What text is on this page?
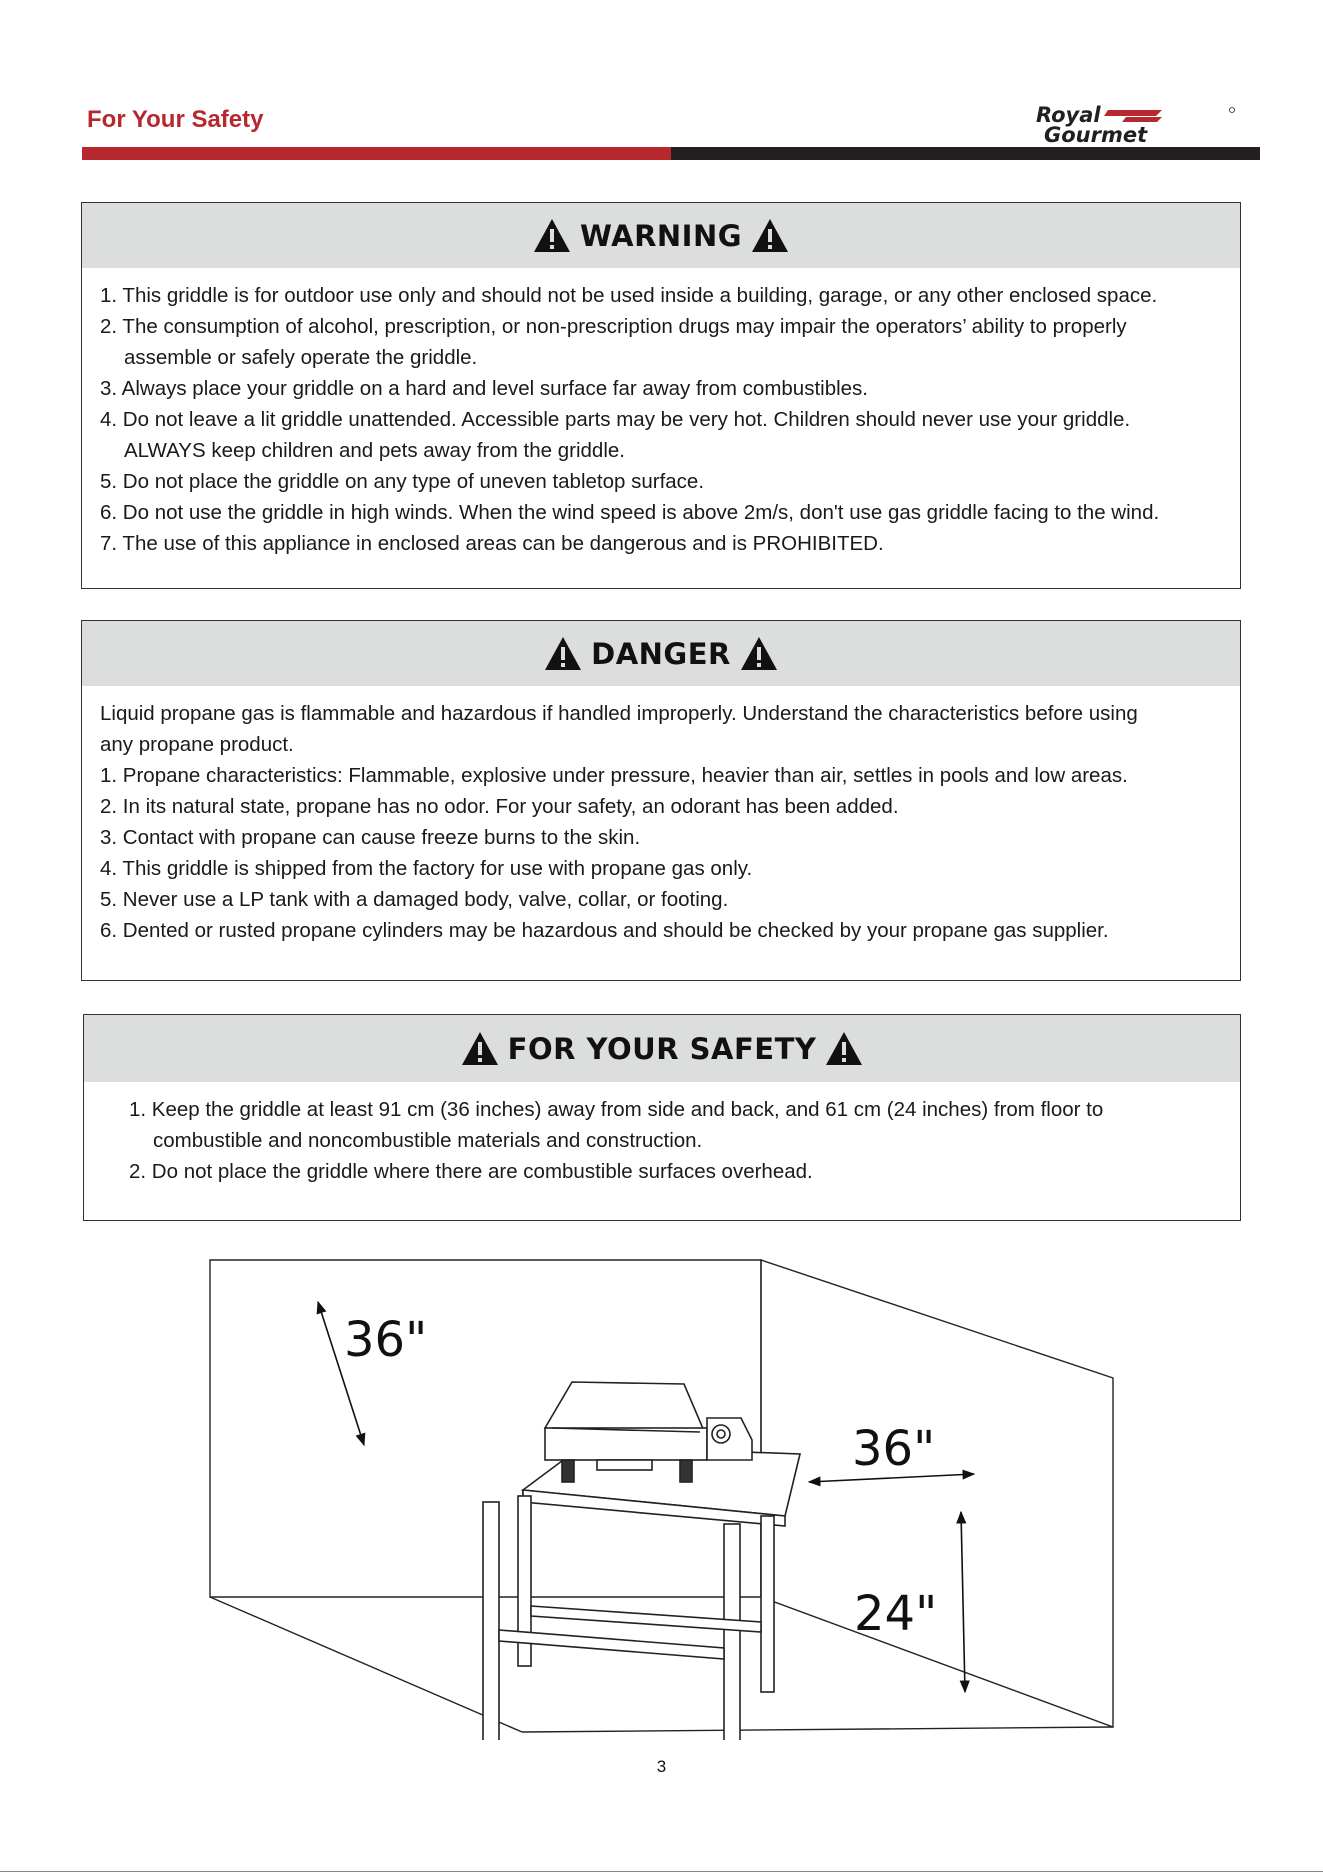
For Your Safety	Royal
Gourmet
WARNING
1. This griddle is for outdoor use only and should not be used inside a building, garage, or any other enclosed space.
2. The consumption of alcohol, prescription, or non-prescription drugs may impair the operators’ ability to properly
assemble or safely operate the griddle.
3. Always place your griddle on a hard and level surface far away from combustibles.
4. Do not leave a lit griddle unattended. Accessible parts may be very hot. Children should never use your griddle.
ALWAYS keep children and pets away from the griddle.
5. Do not place the griddle on any type of uneven tabletop surface.
6. Do not use the griddle in high winds. When the wind speed is above 2m/s, don't use gas griddle facing to the wind.
7. The use of this appliance in enclosed areas can be dangerous and is PROHIBITED.
DANGER
Liquid propane gas is flammable and hazardous if handled improperly. Understand the characteristics before using
any propane product.
1. Propane characteristics: Flammable, explosive under pressure, heavier than air, settles in pools and low areas.
2. In its natural state, propane has no odor. For your safety, an odorant has been added.
3. Contact with propane can cause freeze burns to the skin.
4. This griddle is shipped from the factory for use with propane gas only.
5. Never use a LP tank with a damaged body, valve, collar, or footing.
6. Dented or rusted propane cylinders may be hazardous and should be checked by your propane gas supplier.
FOR YOUR SAFETY
1. Keep the griddle at least 91 cm (36 inches) away from side and back, and 61 cm (24 inches) from floor to
combustible and noncombustible materials and construction.
2. Do not place the griddle where there are combustible surfaces overhead.
36"
36"
24"
3
